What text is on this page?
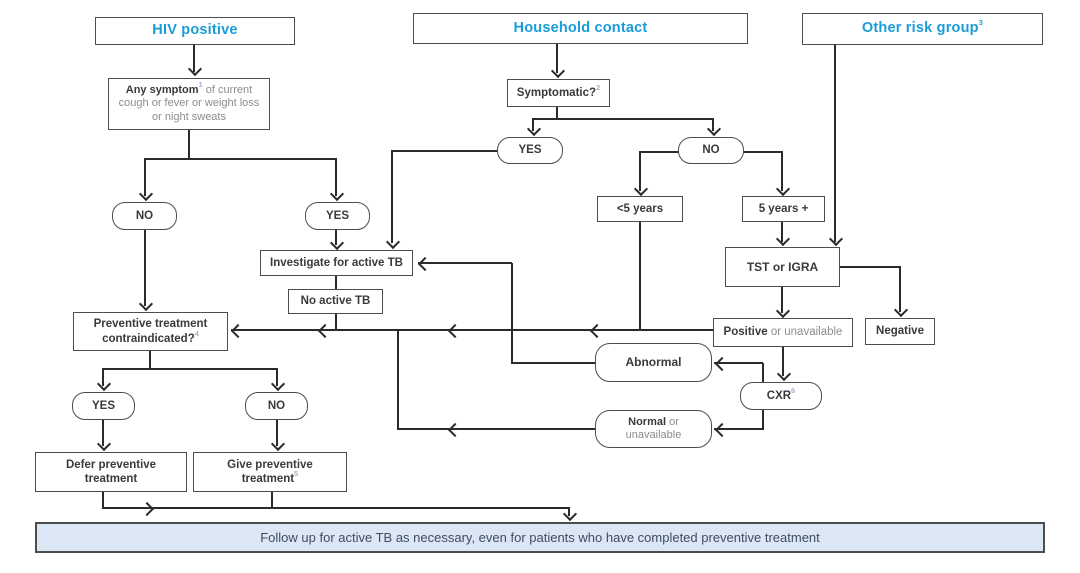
HIV positive	Household contact	Other risk group$^3$
Any symptom$^1$ of current cough or fever or weight loss or night sweats
Symptomatic?$^2$
YES	NO
NO	YES
<5 years	5 years +
TST or IGRA
Investigate for active TB
No active TB
Positive or unavailable	Negative
Abnormal
CXR$^6$
Normal or unavailable
Preventive treatment contraindicated?$^4$
YES	NO
Defer preventive treatment
Give preventive treatment$^5$
Follow up for active TB as necessary, even for patients who have completed preventive treatment
